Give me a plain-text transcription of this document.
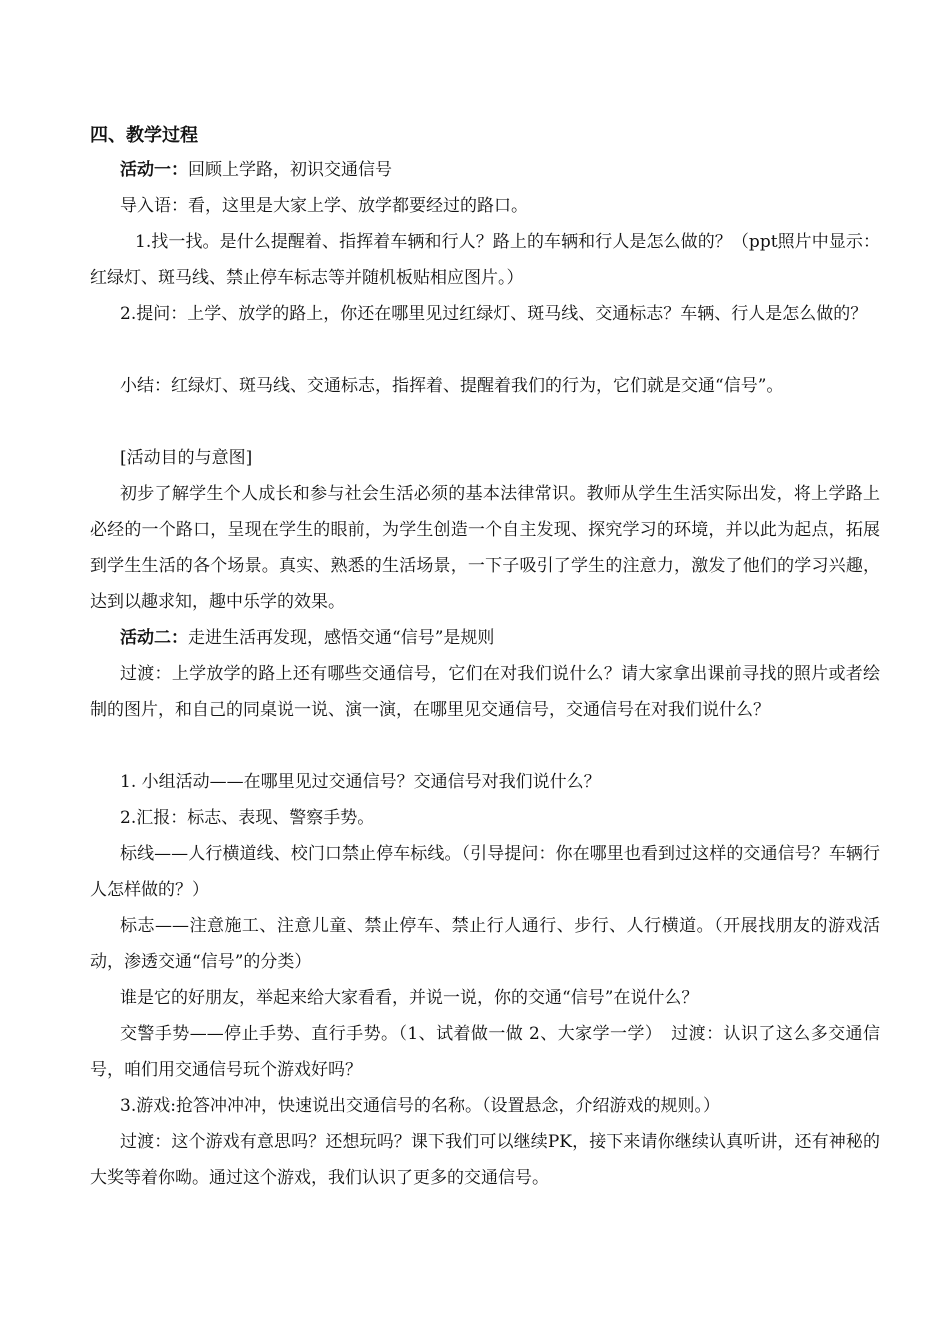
四、教学过程

活动一：回顾上学路，初识交通信号

导入语：看，这里是大家上学、放学都要经过的路口。

1.找一找。是什么提醒着、指挥着车辆和行人？路上的车辆和行人是怎么做的？（ppt照片中显示：红绿灯、斑马线、禁止停车标志等并随机板贴相应图片。）

2.提问：上学、放学的路上，你还在哪里见过红绿灯、斑马线、交通标志？车辆、行人是怎么做的？

小结：红绿灯、斑马线、交通标志，指挥着、提醒着我们的行为，它们就是交通“信号”。

[活动目的与意图]

初步了解学生个人成长和参与社会生活必须的基本法律常识。教师从学生生活实际出发，将上学路上必经的一个路口，呈现在学生的眼前，为学生创造一个自主发现、探究学习的环境，并以此为起点，拓展到学生生活的各个场景。真实、熟悉的生活场景，一下子吸引了学生的注意力，激发了他们的学习兴趣，达到以趣求知，趣中乐学的效果。

活动二：走进生活再发现，感悟交通“信号”是规则

过渡：上学放学的路上还有哪些交通信号，它们在对我们说什么？请大家拿出课前寻找的照片或者绘制的图片，和自己的同桌说一说、演一演，在哪里见交通信号，交通信号在对我们说什么？

1. 小组活动——在哪里见过交通信号？交通信号对我们说什么？

2.汇报：标志、表现、警察手势。

标线——人行横道线、校门口禁止停车标线。（引导提问：你在哪里也看到过这样的交通信号？车辆行人怎样做的？）

标志——注意施工、注意儿童、禁止停车、禁止行人通行、步行、人行横道。（开展找朋友的游戏活动，渗透交通“信号”的分类）

谁是它的好朋友，举起来给大家看看，并说一说，你的交通“信号”在说什么？

交警手势——停止手势、直行手势。（1、试着做一做 2、大家学一学）　过渡：认识了这么多交通信号，咱们用交通信号玩个游戏好吗？

3.游戏:抢答冲冲冲，快速说出交通信号的名称。（设置悬念，介绍游戏的规则。）

过渡：这个游戏有意思吗？还想玩吗？课下我们可以继续PK，接下来请你继续认真听讲，还有神秘的大奖等着你呦。通过这个游戏，我们认识了更多的交通信号。
